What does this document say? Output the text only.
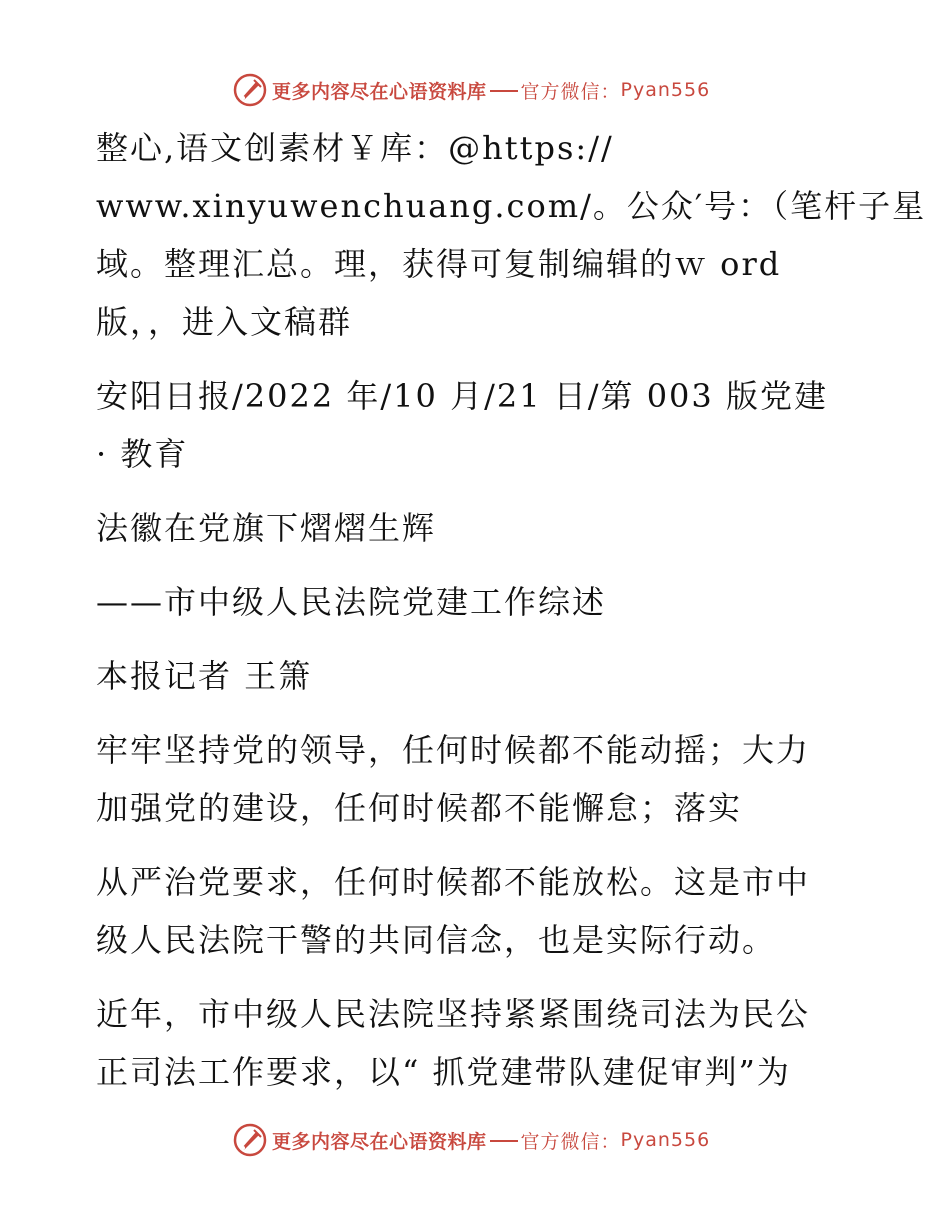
更多内容尽在心语资料库 官方微信： Pyan556
整心,语文创素材￥库：@https://
www.xinyuwenchuang.com/。公众′号：（笔杆子星
域。整理汇总。理，获得可复制编辑的ｗ ord
版，，进入文稿群
安阳日报/2022 年/10 月/21 日/第 003 版党建
· 教育
法徽在党旗下熠熠生辉
——市中级人民法院党建工作综述
本报记者 王箫
牢牢坚持党的领导，任何时候都不能动摇；大力
加强党的建设，任何时候都不能懈怠；落实
从严治党要求，任何时候都不能放松。这是市中
级人民法院干警的共同信念，也是实际行动。
近年，市中级人民法院坚持紧紧围绕司法为民公
正司法工作要求，以“ 抓党建带队建促审判”为
更多内容尽在心语资料库 官方微信： Pyan556
